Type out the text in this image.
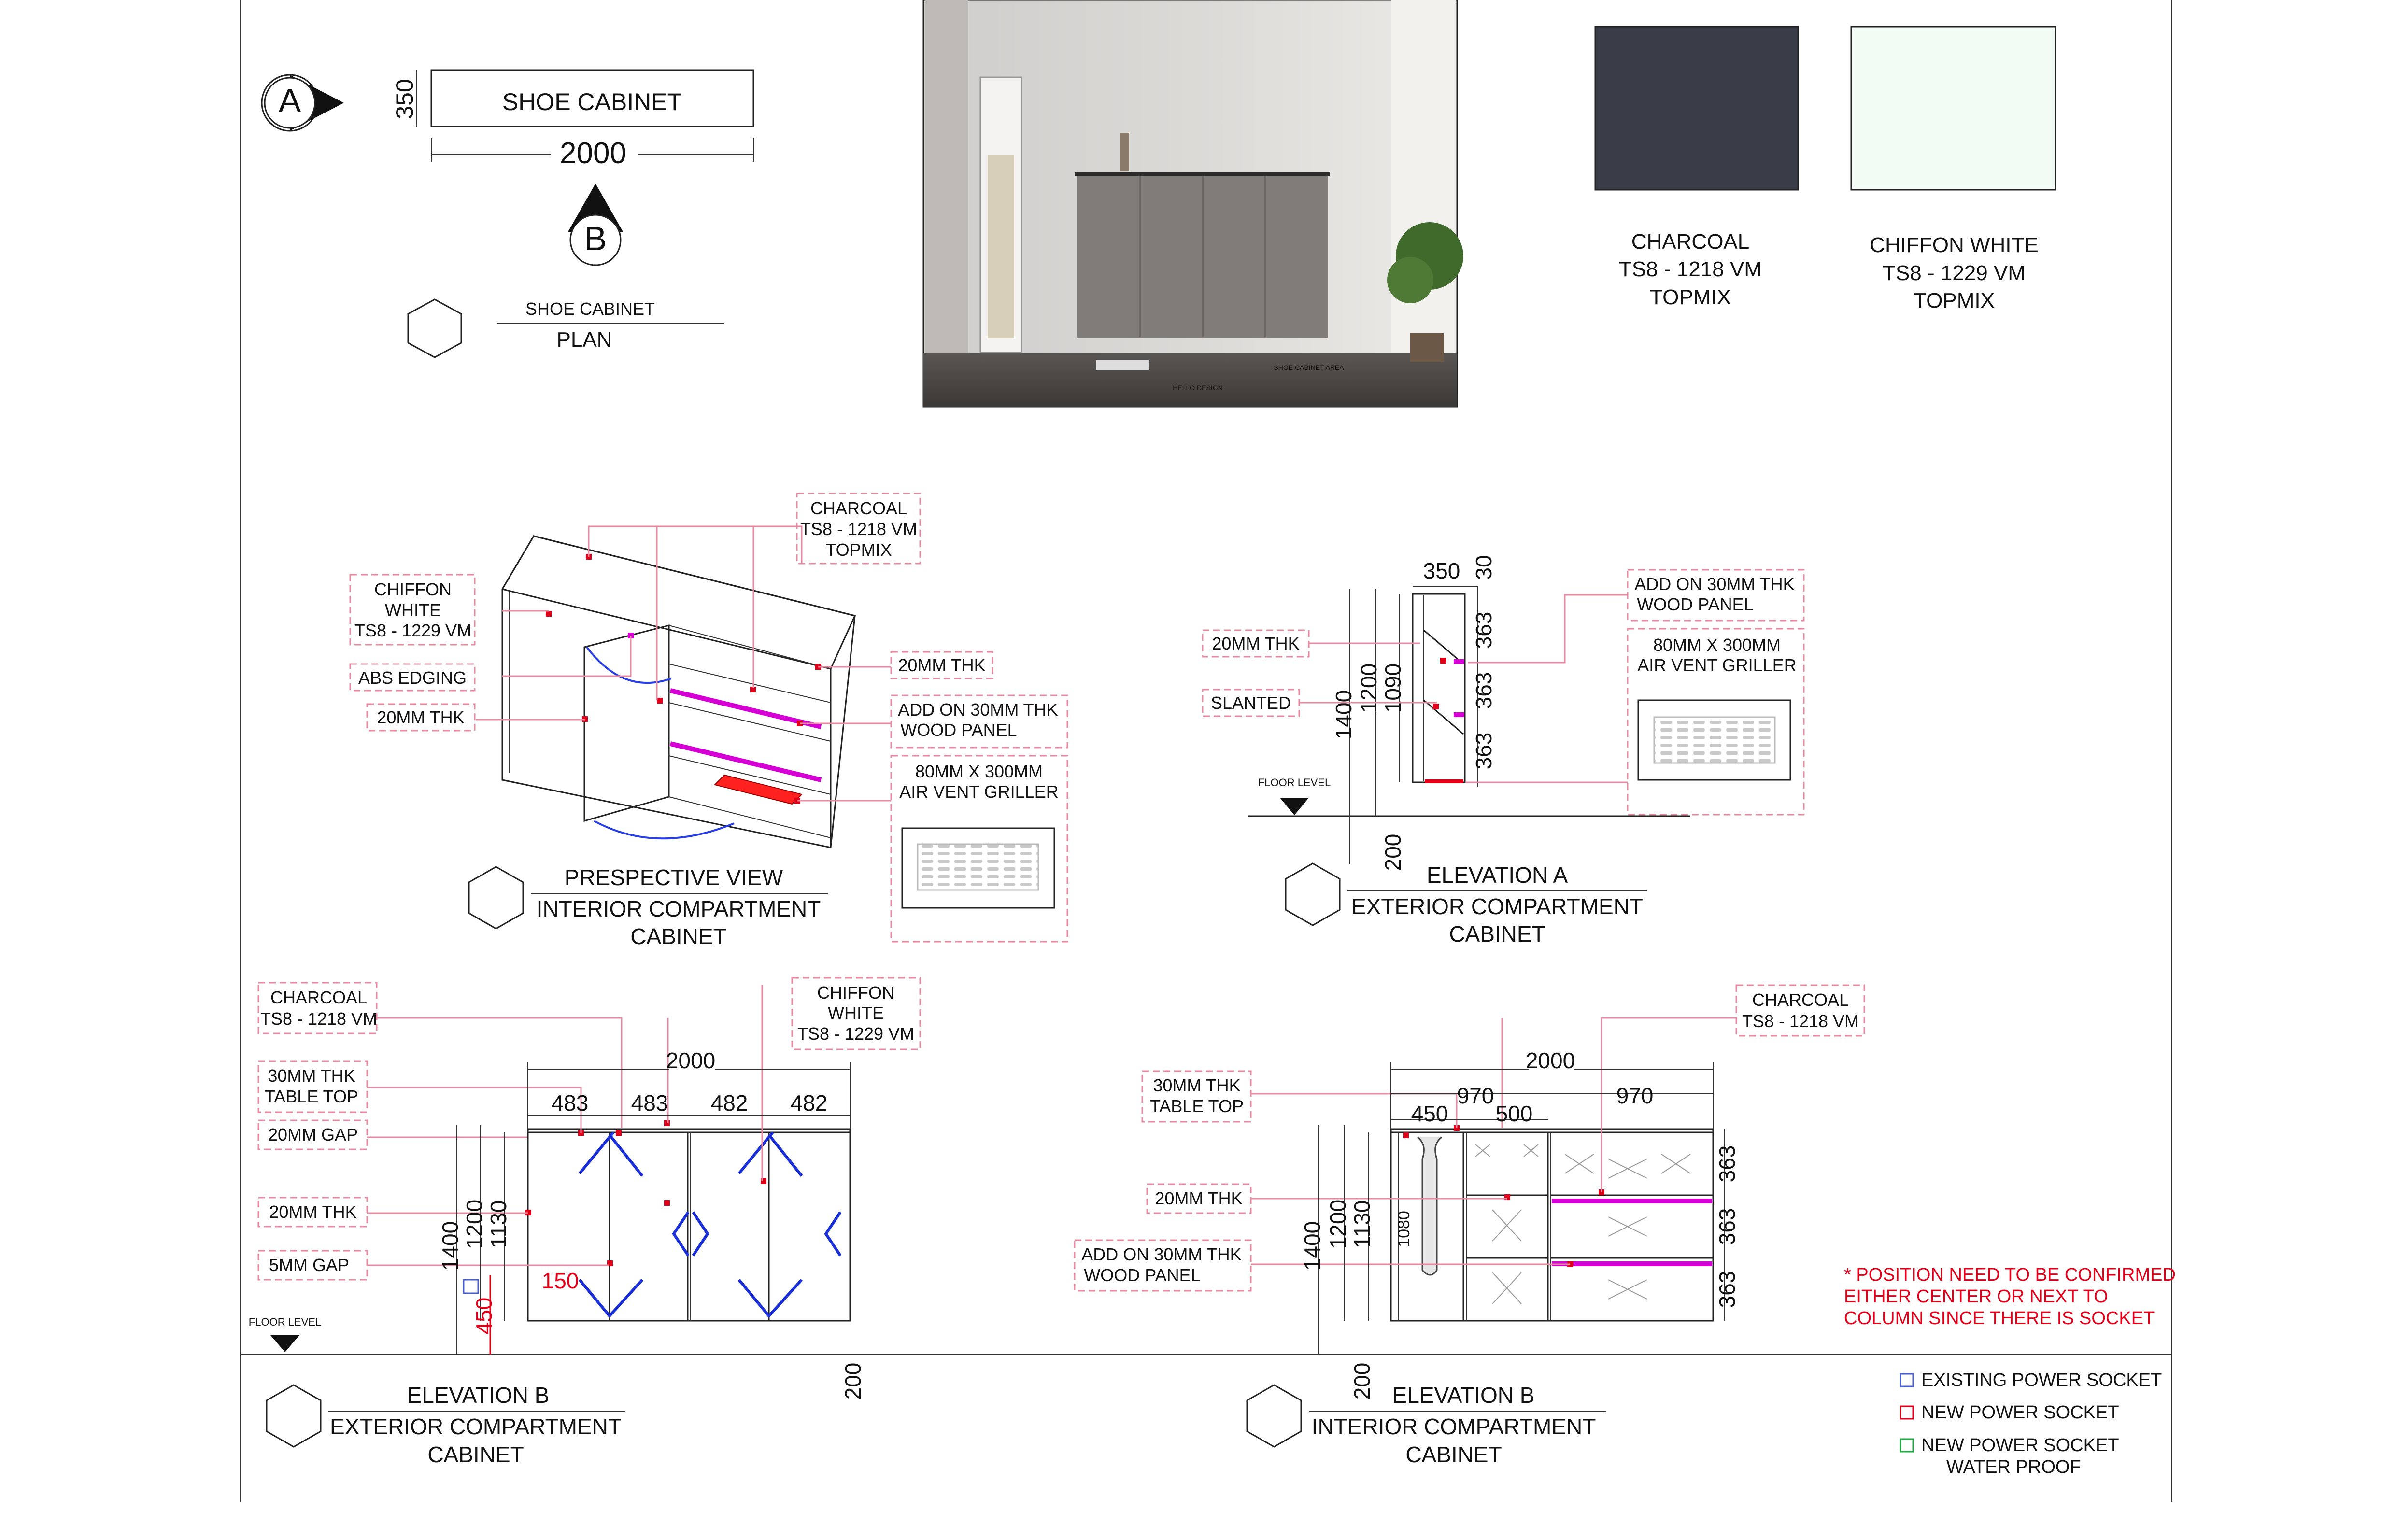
A
B
SHOE CABINET
350
2000
SHOE CABINET
PLAN
HELLO DESIGN
SHOE CABINET AREA
CHARCOAL
TS8 - 1218 VM
TOPMIX
CHIFFON WHITE
TS8 - 1229 VM
TOPMIX
CHARCOAL
TS8 - 1218 VM
TOPMIX
CHIFFON
WHITE
TS8 - 1229 VM
ABS EDGING
20MM THK
20MM THK
ADD ON 30MM THK
WOOD PANEL
80MM X 300MM
AIR VENT GRILLER
PRESPECTIVE VIEW
INTERIOR COMPARTMENT
CABINET
FLOOR LEVEL
350 30
363
363
363
1400
1200
1090
200
20MM THK
SLANTED
ADD ON 30MM THK
WOOD PANEL
80MM X 300MM
AIR VENT GRILLER
ELEVATION A
EXTERIOR COMPARTMENT
CABINET
2000
483 483 482 482
1400
1200
1130
150
450
200
FLOOR LEVEL
CHARCOAL
TS8 - 1218 VM
CHIFFON
WHITE
TS8 - 1229 VM
30MM THK
TABLE TOP
20MM GAP
20MM THK
5MM GAP
ELEVATION B
EXTERIOR COMPARTMENT
CABINET
2000
970	970
450 500
1400 1200
1130 1080
363
363
363
200
CHARCOAL
TS8 - 1218 VM
30MM THK
TABLE TOP
20MM THK
ADD ON 30MM THK
WOOD PANEL
ELEVATION B
INTERIOR COMPARTMENT
CABINET
* POSITION NEED TO BE CONFIRMED
EITHER CENTER OR NEXT TO
COLUMN SINCE THERE IS SOCKET
EXISTING POWER SOCKET
NEW POWER SOCKET
NEW POWER SOCKET
WATER PROOF
